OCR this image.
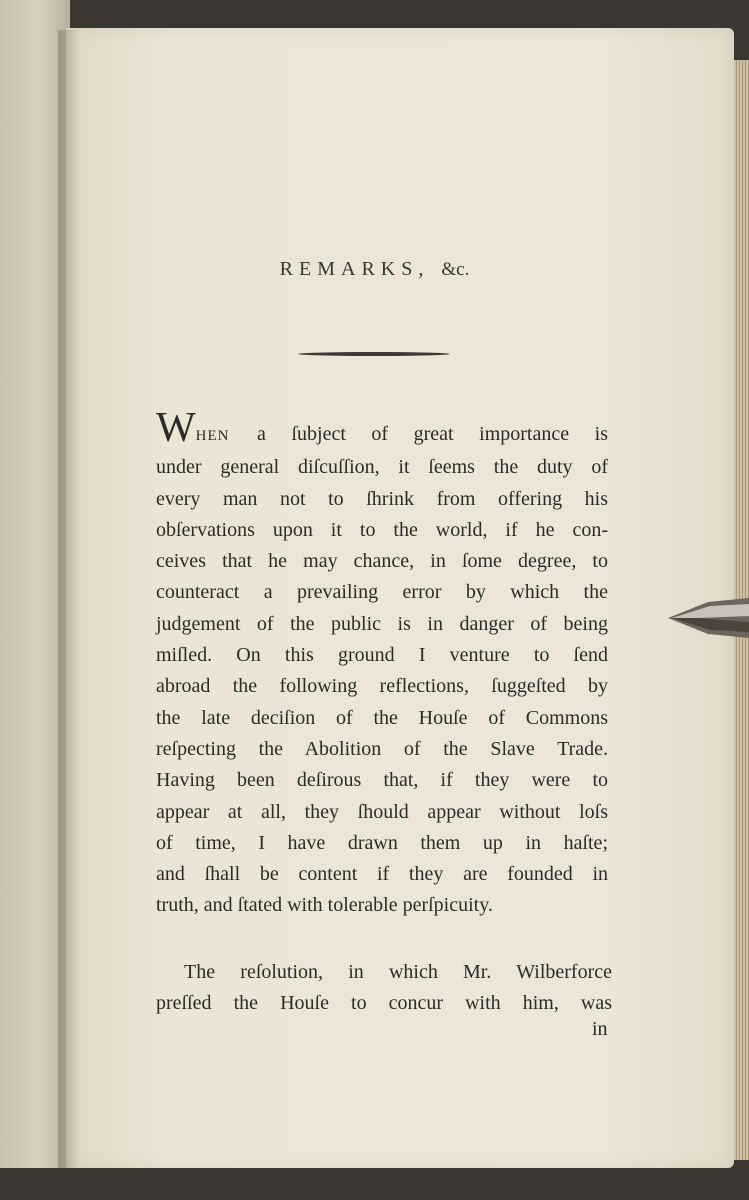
REMARKS, &c.
WHEN a ſubject of great importance is
under general diſcuſſion, it ſeems the duty of
every man not to ſhrink from offering his
obſervations upon it to the world, if he con-
ceives that he may chance, in ſome degree, to
counteract a prevailing error by which the
judgement of the public is in danger of being
miſled. On this ground I venture to ſend
abroad the following reflections, ſuggeſted by
the late deciſion of the Houſe of Commons
reſpecting the Abolition of the Slave Trade.
Having been deſirous that, if they were to
appear at all, they ſhould appear without loſs
of time, I have drawn them up in haſte;
and ſhall be content if they are founded in
truth, and ſtated with tolerable perſpicuity.
The reſolution, in which Mr. Wilberforce
preſſed the Houſe to concur with him, was
in
